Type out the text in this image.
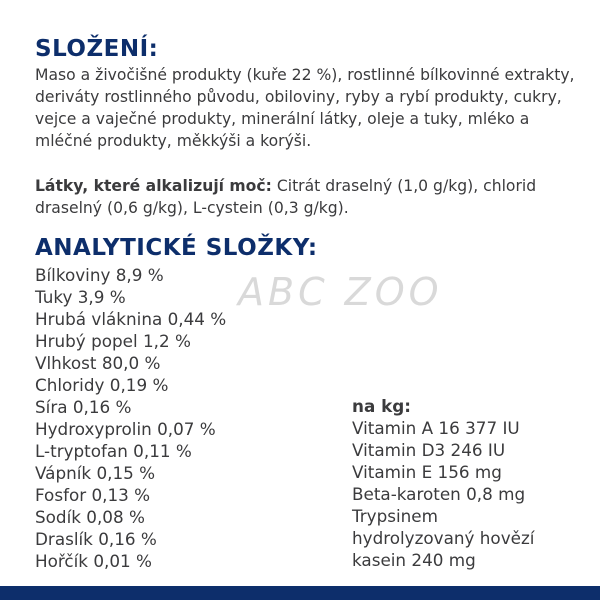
SLOŽENÍ:

Maso a živočišné produkty (kuře 22 %), rostlinné bílkovinné extrakty, deriváty rostlinného původu, obiloviny, ryby a rybí produkty, cukry, vejce a vaječné produkty, minerální látky, oleje a tuky, mléko a mléčné produkty, měkkýši a korýši.

Látky, které alkalizují moč: Citrát draselný (1,0 g/kg), chlorid draselný (0,6 g/kg), L-cystein (0,3 g/kg).

ANALYTICKÉ SLOŽKY:
ABC ZOO
Bílkoviny 8,9 %
Tuky 3,9 %
Hrubá vláknina 0,44 %
Hrubý popel 1,2 %
Vlhkost 80,0 %
Chloridy 0,19 %
Síra 0,16 %
Hydroxyprolin 0,07 %
L-tryptofan 0,11 %
Vápník 0,15 %
Fosfor 0,13 %
Sodík 0,08 %
Draslík 0,16 %
Hořčík 0,01 %
na kg:
Vitamin A 16 377 IU
Vitamin D3 246 IU
Vitamin E 156 mg
Beta-karoten 0,8 mg
Trypsinem
hydrolyzovaný hovězí
kasein 240 mg
